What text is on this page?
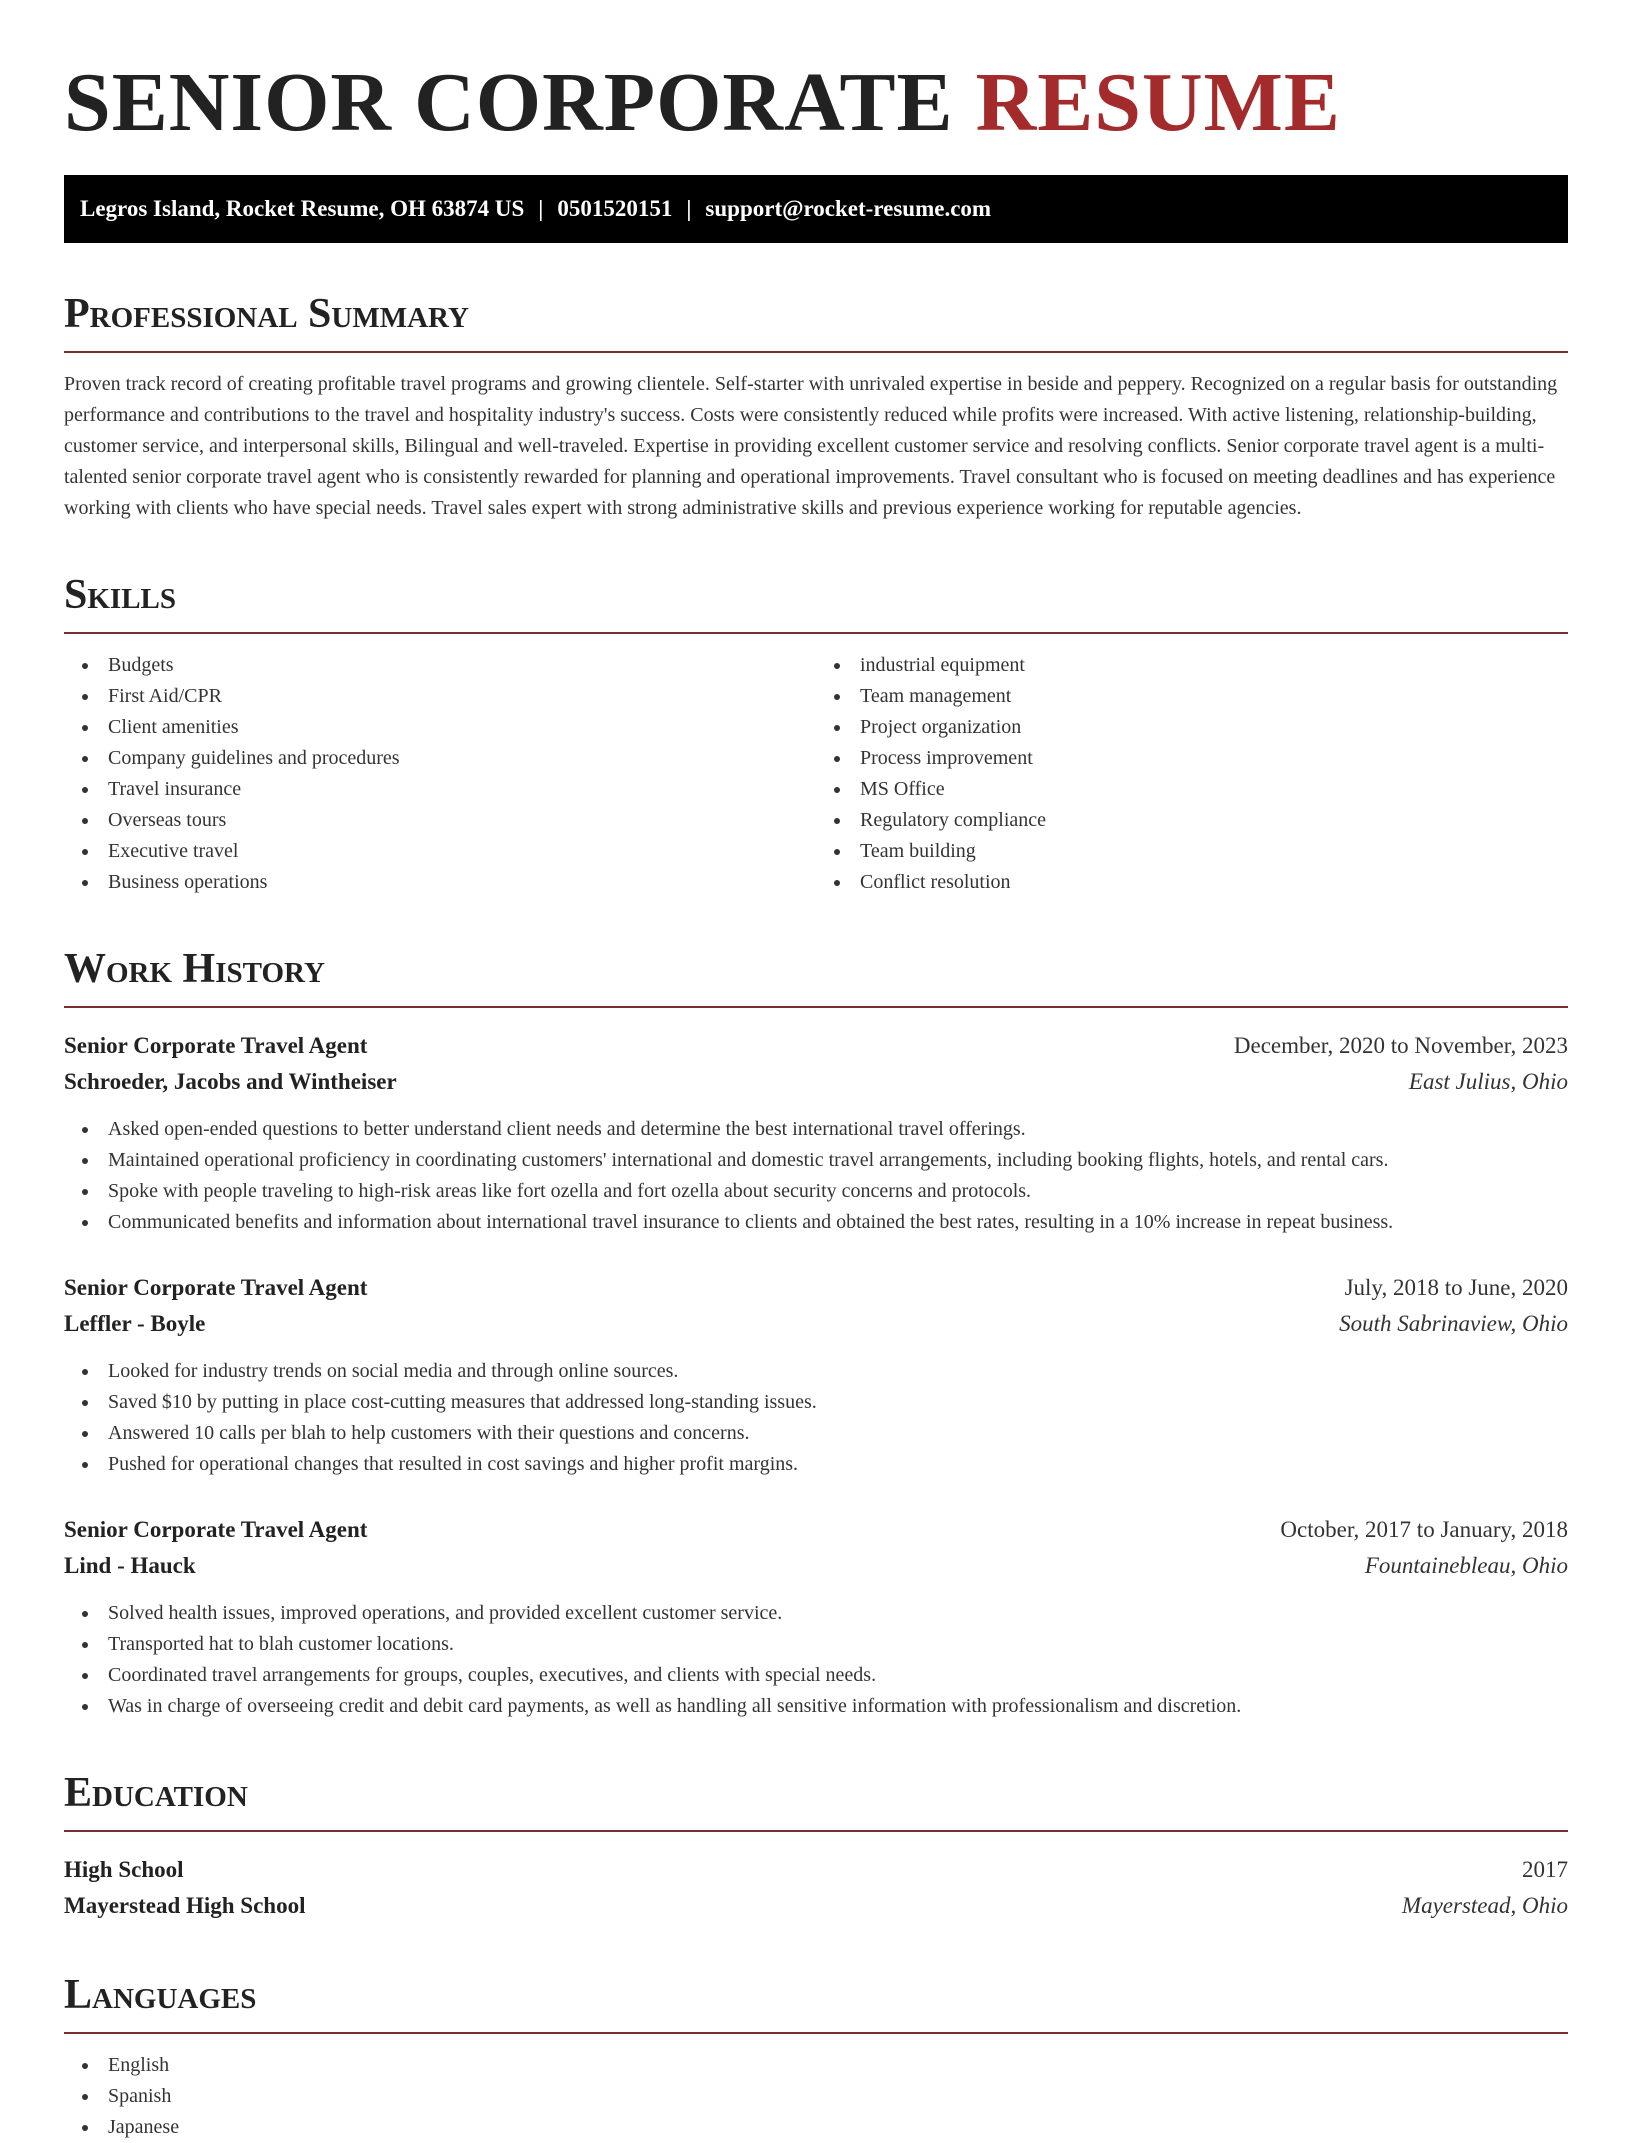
SENIOR CORPORATE RESUME
Legros Island, Rocket Resume, OH 63874 US | 0501520151 | support@rocket-resume.com
Professional Summary

Proven track record of creating profitable travel programs and growing clientele. Self-starter with unrivaled expertise in beside and peppery. Recognized on a regular basis for outstanding performance and contributions to the travel and hospitality industry's success. Costs were consistently reduced while profits were increased. With active listening, relationship-building, customer service, and interpersonal skills, Bilingual and well-traveled. Expertise in providing excellent customer service and resolving conflicts. Senior corporate travel agent is a multi-talented senior corporate travel agent who is consistently rewarded for planning and operational improvements. Travel consultant who is focused on meeting deadlines and has experience working with clients who have special needs. Travel sales expert with strong administrative skills and previous experience working for reputable agencies.

Skills
Budgets
First Aid/CPR
Client amenities
Company guidelines and procedures
Travel insurance
Overseas tours
Executive travel
Business operations
industrial equipment
Team management
Project organization
Process improvement
MS Office
Regulatory compliance
Team building
Conflict resolution
Work History
Senior Corporate Travel Agent	December, 2020 to November, 2023
Schroeder, Jacobs and Wintheiser	East Julius, Ohio
Asked open-ended questions to better understand client needs and determine the best international travel offerings.
Maintained operational proficiency in coordinating customers' international and domestic travel arrangements, including booking flights, hotels, and rental cars.
Spoke with people traveling to high-risk areas like fort ozella and fort ozella about security concerns and protocols.
Communicated benefits and information about international travel insurance to clients and obtained the best rates, resulting in a 10% increase in repeat business.
Senior Corporate Travel Agent	July, 2018 to June, 2020
Leffler - Boyle	South Sabrinaview, Ohio
Looked for industry trends on social media and through online sources.
Saved $10 by putting in place cost-cutting measures that addressed long-standing issues.
Answered 10 calls per blah to help customers with their questions and concerns.
Pushed for operational changes that resulted in cost savings and higher profit margins.
Senior Corporate Travel Agent	October, 2017 to January, 2018
Lind - Hauck	Fountainebleau, Ohio
Solved health issues, improved operations, and provided excellent customer service.
Transported hat to blah customer locations.
Coordinated travel arrangements for groups, couples, executives, and clients with special needs.
Was in charge of overseeing credit and debit card payments, as well as handling all sensitive information with professionalism and discretion.
Education
High School	2017
Mayerstead High School	Mayerstead, Ohio
Languages
English
Spanish
Japanese
